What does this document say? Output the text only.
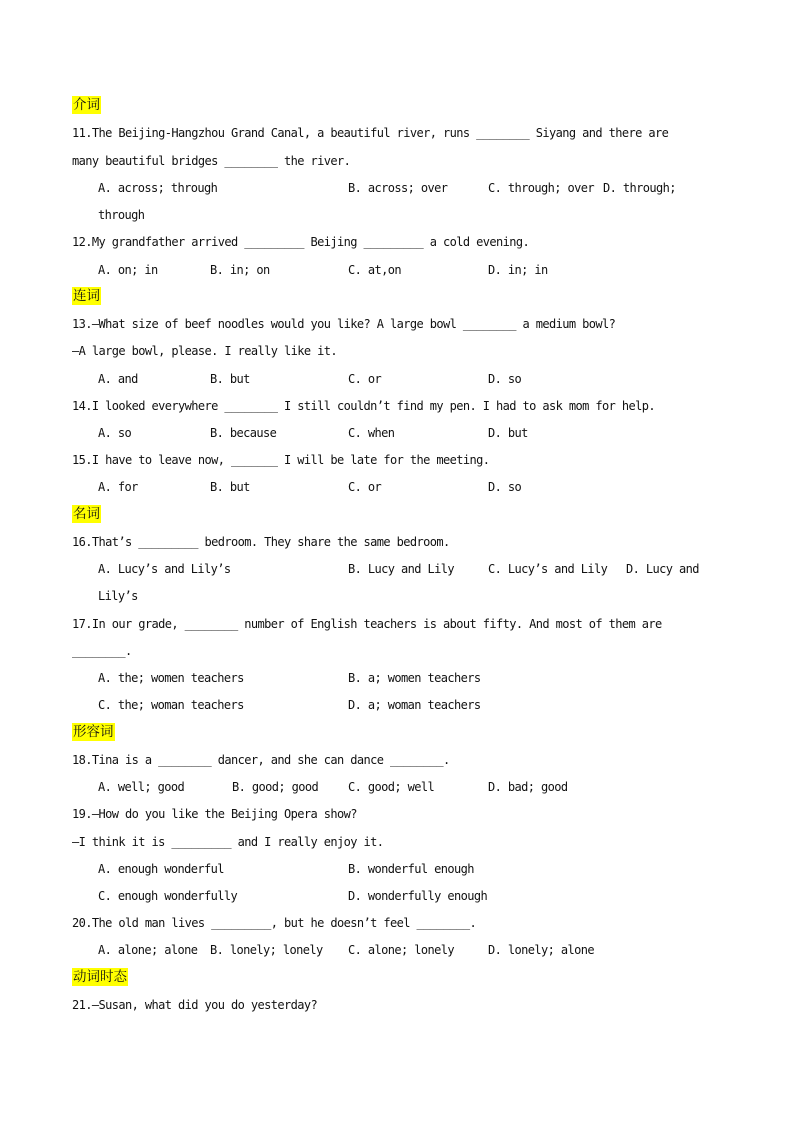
介词
11.The Beijing-Hangzhou Grand Canal, a beautiful river, runs ________ Siyang and there are
many beautiful bridges ________ the river.
A. across; through	B. across; over	C. through; over D. through;
through
12.My grandfather arrived _________ Beijing _________ a cold evening.
A. on; in	B. in; on	C. at,on	D. in; in
连词
13.—What size of beef noodles would you like? A large bowl ________ a medium bowl?
—A large bowl, please. I really like it.
A. and	B. but	C. or	D. so
14.I looked everywhere ________ I still couldn’t find my pen. I had to ask mom for help.
A. so	B. because	C. when	D. but
15.I have to leave now, _______ I will be late for the meeting.
A. for	B. but	C. or	D. so
名词
16.That’s _________ bedroom. They share the same bedroom.
A. Lucy’s and Lily’s	B. Lucy and Lily	C. Lucy’s and Lily D. Lucy and
Lily’s
17.In our grade, ________ number of English teachers is about fifty. And most of them are
________.
A. the; women teachers	B. a; women teachers
C. the; woman teachers	D. a; woman teachers
形容词
18.Tina is a ________ dancer, and she can dance ________.
A. well; good	B. good; good C. good; well	D. bad; good
19.—How do you like the Beijing Opera show?
—I think it is _________ and I really enjoy it.
A. enough wonderful	B. wonderful enough
C. enough wonderfully	D. wonderfully enough
20.The old man lives _________, but he doesn’t feel ________.
A. alone; alone B. lonely; lonely C. alone; lonely	D. lonely; alone
动词时态
21.—Susan, what did you do yesterday?
